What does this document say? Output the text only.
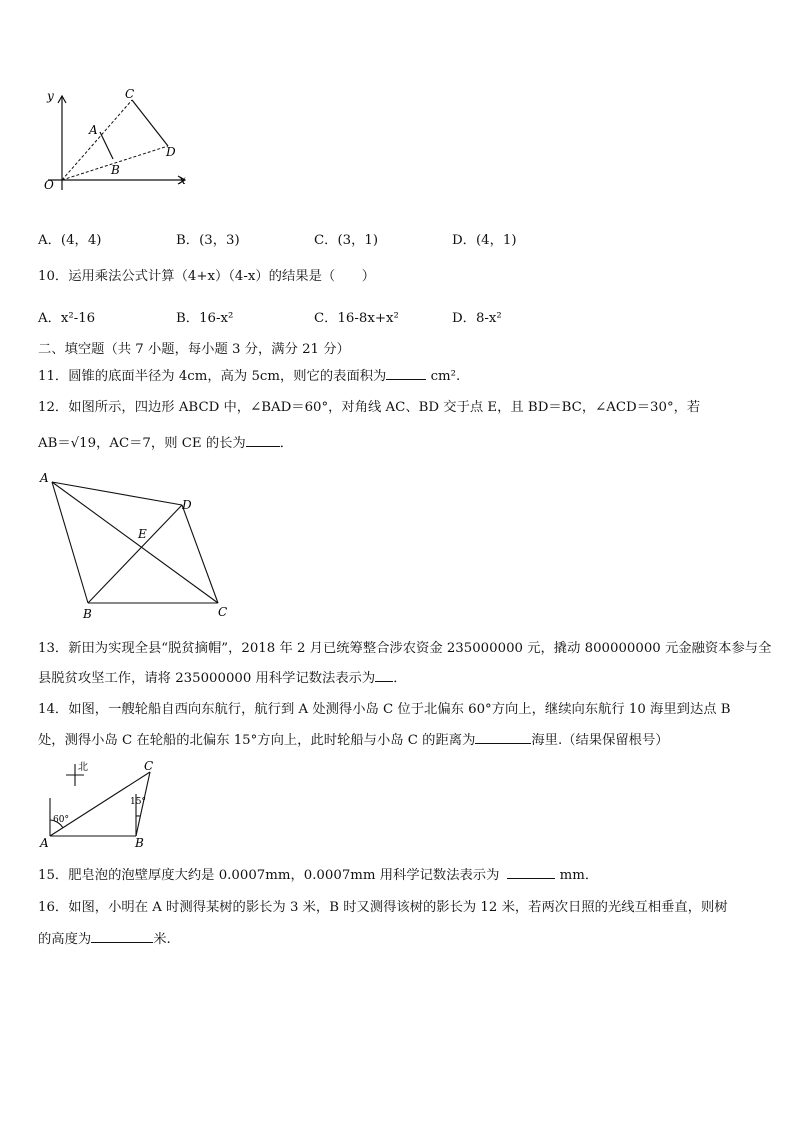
y
x
O
A
B
C
D
A．(4，4)	B．(3，3)	C．(3，1)	D．(4，1)
10．运用乘法公式计算（4+x）（4-x）的结果是（　　）
A．x²-16	B．16-x²	C．16-8x+x²	D．8-x²
二、填空题（共 7 小题，每小题 3 分，满分 21 分）
11．圆锥的底面半径为 4cm，高为 5cm，则它的表面积为	cm².
12．如图所示，四边形 ABCD 中，∠BAD＝60°，对角线 AC、BD 交于点 E，且 BD＝BC，∠ACD＝30°，若
AB＝√19，AC＝7，则 CE 的长为	．
A
D
E
B	C
13．新田为实现全县“脱贫摘帽”，2018 年 2 月已统筹整合涉农资金 235000000 元，撬动 800000000 元金融资本参与全
县脱贫攻坚工作，请将 235000000 用科学记数法表示为 ．
14．如图，一艘轮船自西向东航行，航行到 A 处测得小岛 C 位于北偏东 60°方向上，继续向东航行 10 海里到达点 B
处，测得小岛 C 在轮船的北偏东 15°方向上，此时轮船与小岛 C 的距离为	海里.（结果保留根号）
北
A	B
C
60°
15°
15．肥皂泡的泡壁厚度大约是 0.0007mm，0.0007mm 用科学记数法表示为	mm．
16．如图，小明在 A 时测得某树的影长为 3 米，B 时又测得该树的影长为 12 米，若两次日照的光线互相垂直，则树
的高度为	米.
